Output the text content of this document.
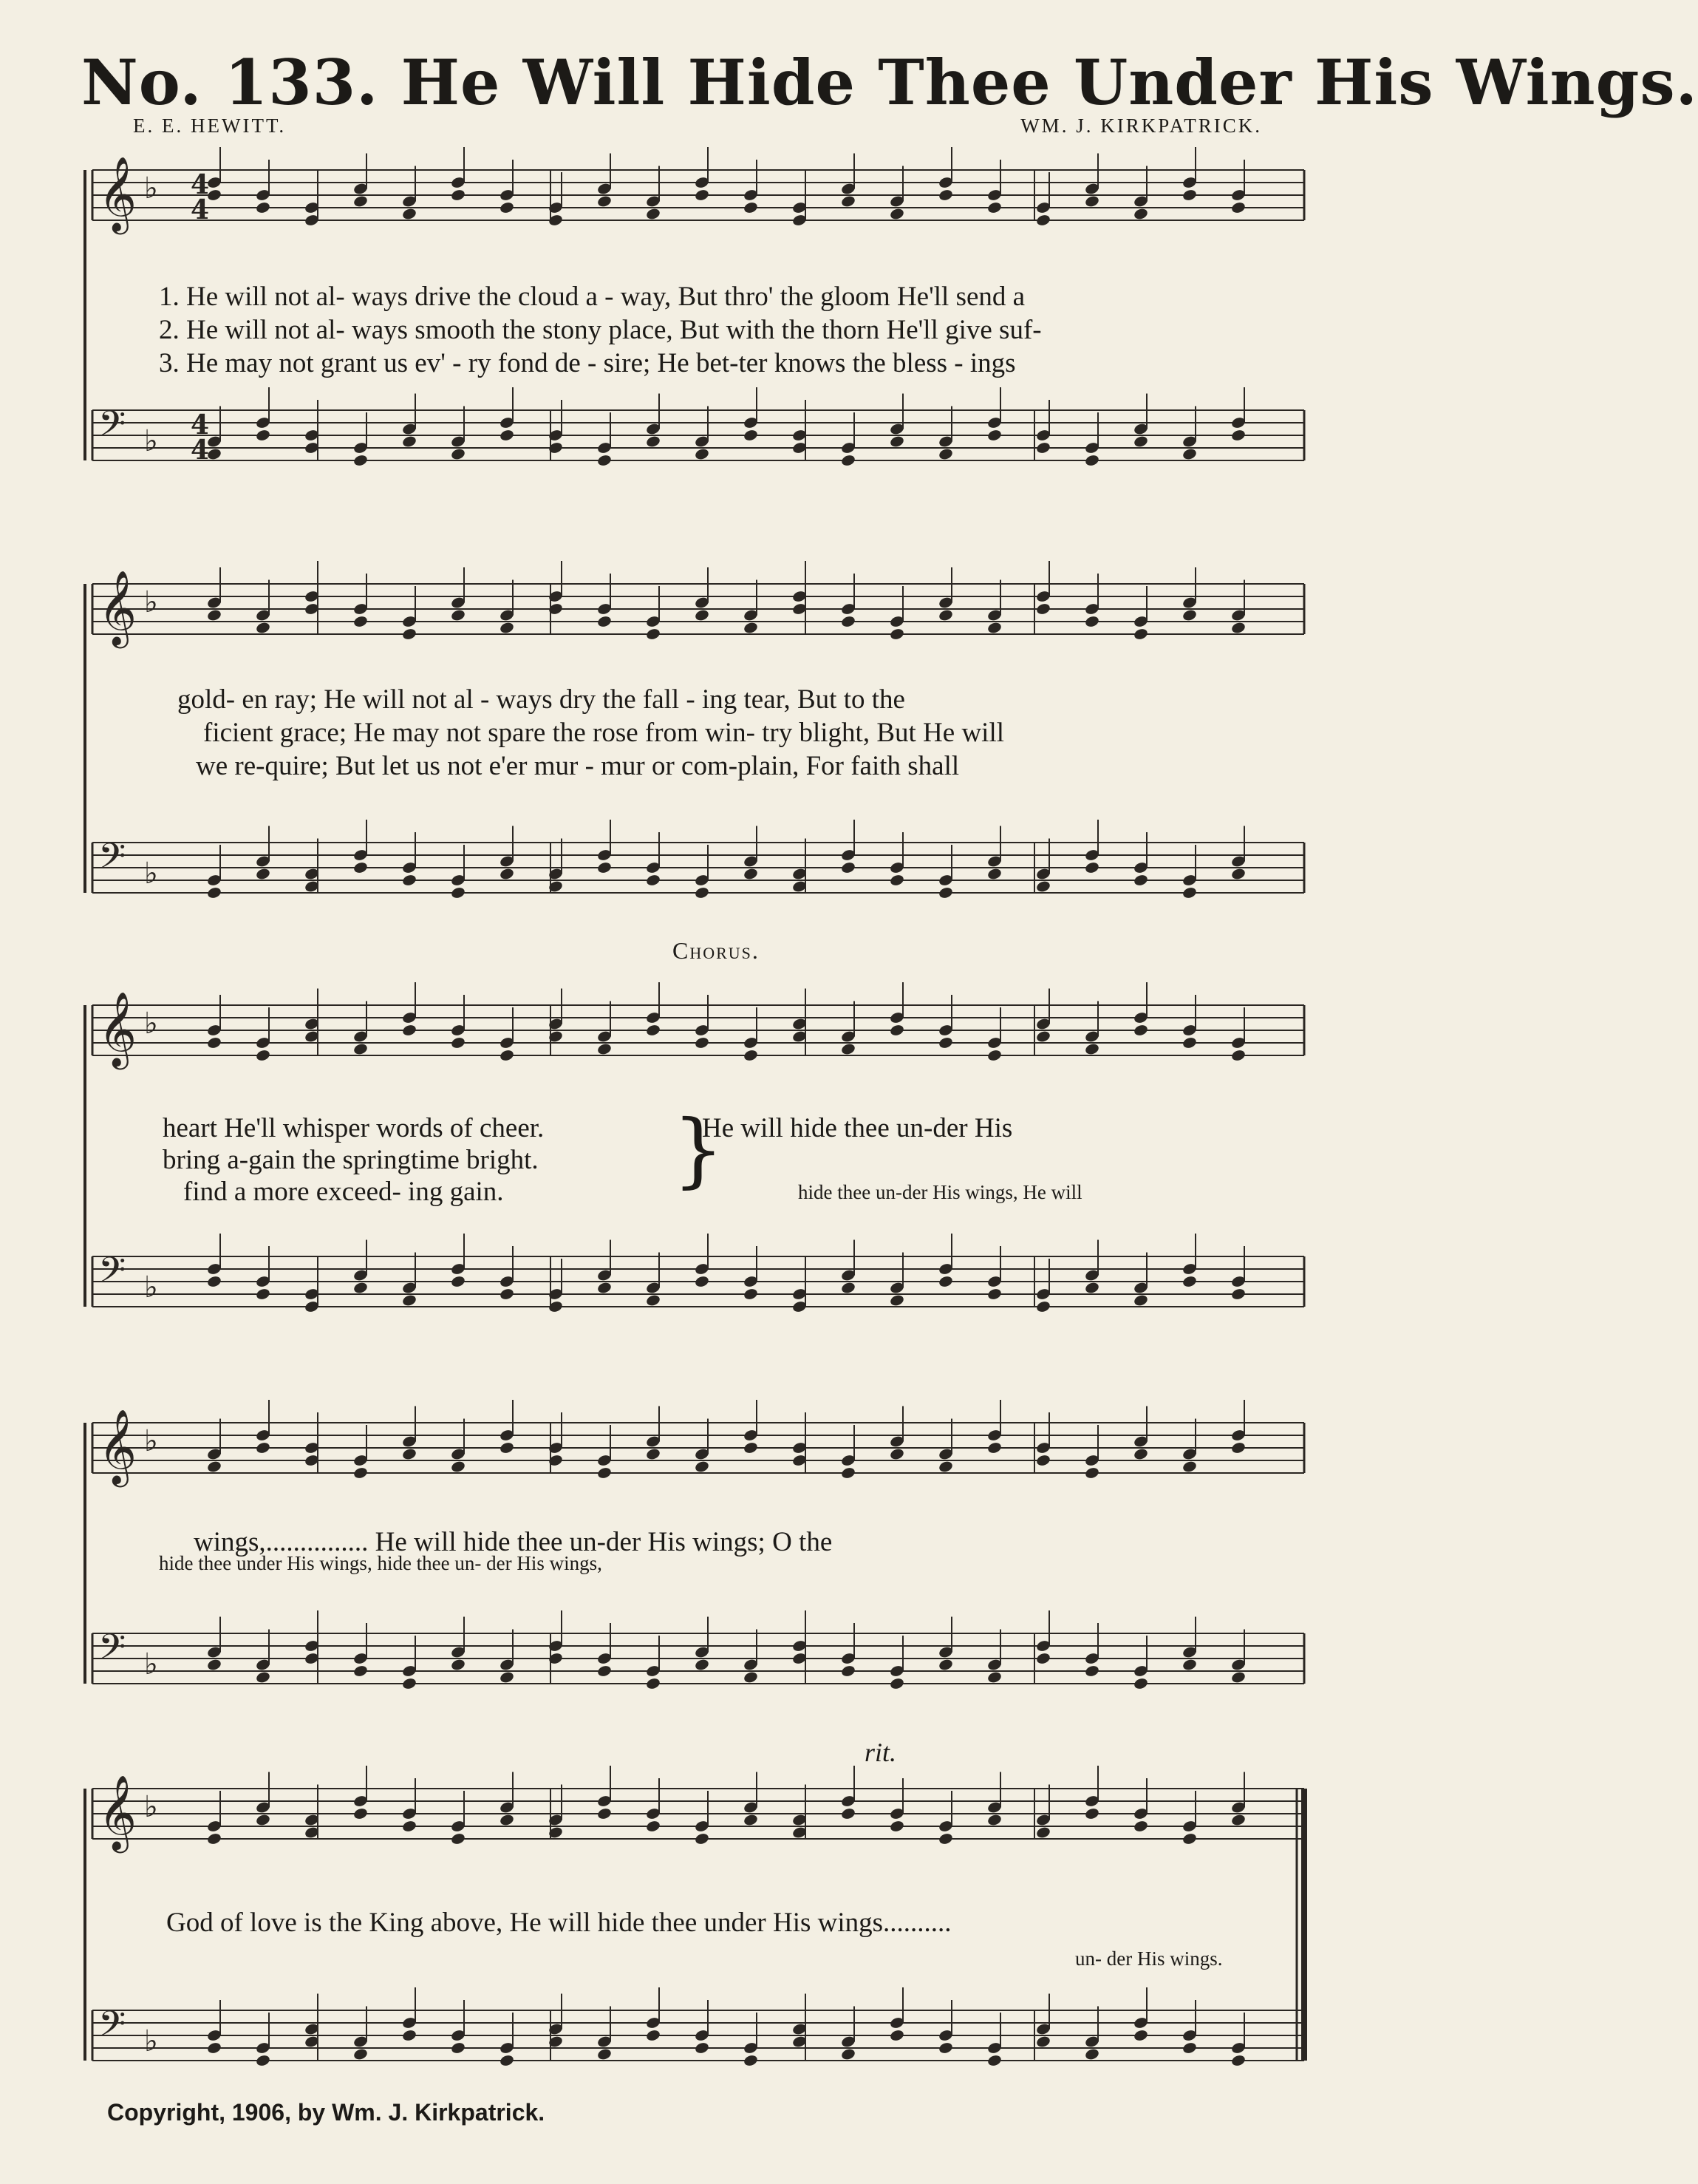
No. 133. He Will Hide Thee Under His Wings.
E. E. HEWITT.	WM. J. KIRKPATRICK.
𝄞 ♭
𝄢 ♭
𝄞 ♭
𝄢 ♭
𝄞 ♭
𝄢 ♭
𝄞 ♭
𝄢 ♭
𝄞 ♭
𝄢 ♭
4
4
4
4
1. He will not al- ways drive the cloud a - way, But thro' the gloom He'll send a
2. He will not al- ways smooth the stony place, But with the thorn He'll give suf-
3. He may not grant us ev' - ry fond de - sire; He bet-ter knows the bless - ings
gold- en ray; He will not al - ways dry the fall - ing tear, But to the
ficient grace; He may not spare the rose from win- try blight, But He will
we re-quire; But let us not e'er mur - mur or com-plain, For faith shall
Chorus.
heart He'll whisper words of cheer.
bring a-gain the springtime bright.
find a more exceed- ing gain. }
He will hide thee un-der His
hide thee un-der His wings, He will
wings,............... He will hide thee un-der His wings; O the
hide thee under His wings, hide thee un- der His wings,
rit.
God of love is the King above, He will hide thee under His wings..........
un- der His wings.
Copyright, 1906, by Wm. J. Kirkpatrick.
